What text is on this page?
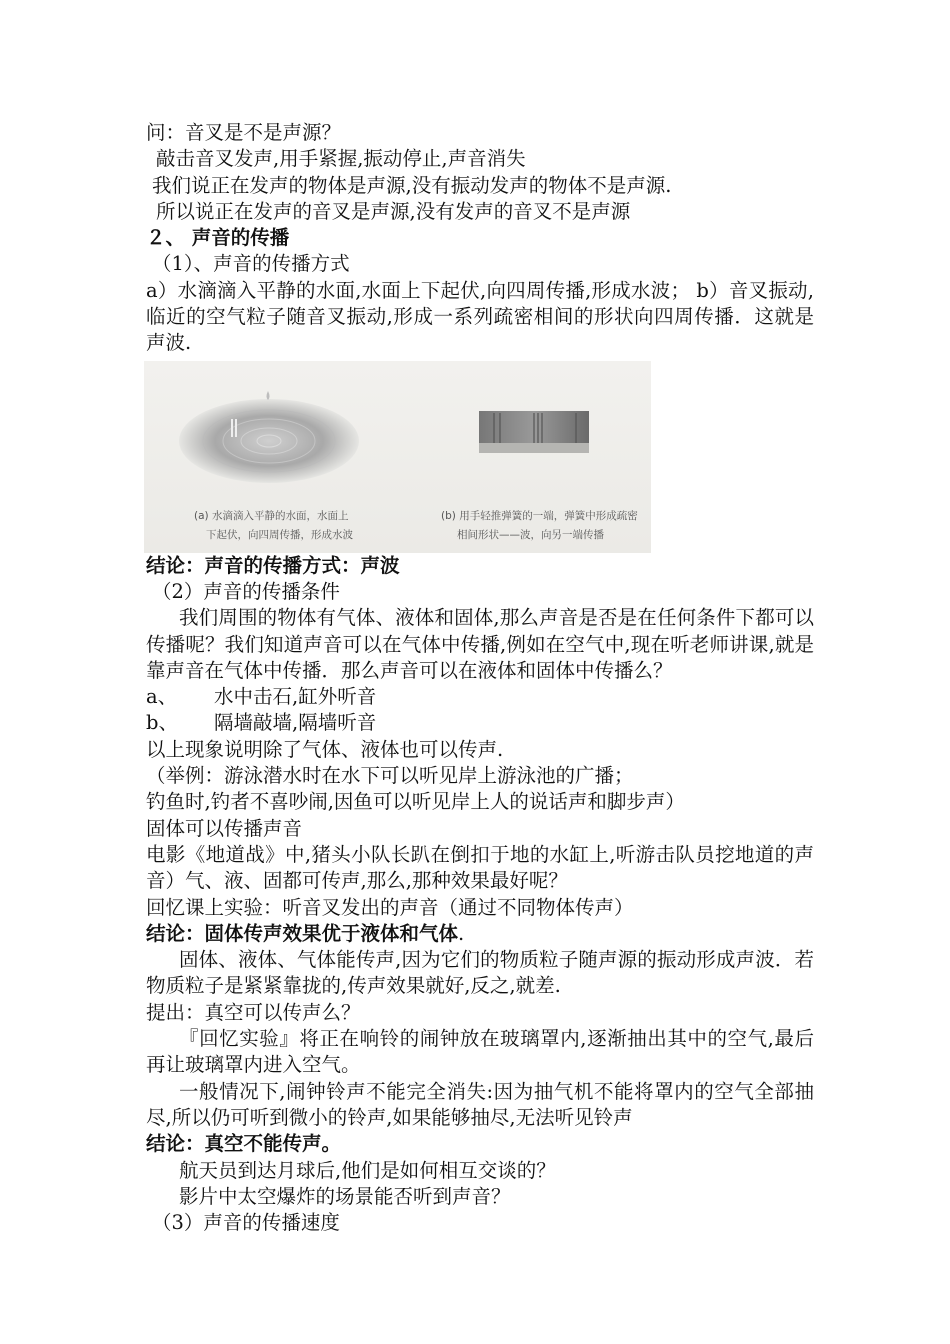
问：音叉是不是声源？
敲击音叉发声,用手紧握,振动停止,声音消失
我们说正在发声的物体是声源,没有振动发声的物体不是声源.
所以说正在发声的音叉是声源,没有发声的音叉不是声源
２、 声音的传播
（1）、声音的传播方式
a）水滴滴入平静的水面,水面上下起伏,向四周传播,形成水波； b）音叉振动,临近的空气粒子随音叉振动,形成一系列疏密相间的形状向四周传播．这就是声波.
(a) 水滴滴入平静的水面，水面上
下起伏，向四周传播，形成水波
(b) 用手轻推弹簧的一端，弹簧中形成疏密
相间形状——波，向另一端传播
结论：声音的传播方式：声波
（2）声音的传播条件
我们周围的物体有气体、液体和固体,那么声音是否是在任何条件下都可以传播呢？我们知道声音可以在气体中传播,例如在空气中,现在听老师讲课,就是靠声音在气体中传播．那么声音可以在液体和固体中传播么？
a、 水中击石,缸外听音
b、 隔墙敲墙,隔墙听音
以上现象说明除了气体、液体也可以传声.
（举例：游泳潜水时在水下可以听见岸上游泳池的广播；
钓鱼时,钓者不喜吵闹,因鱼可以听见岸上人的说话声和脚步声）
固体可以传播声音
电影《地道战》中,猪头小队长趴在倒扣于地的水缸上,听游击队员挖地道的声音）气、液、固都可传声,那么,那种效果最好呢？
回忆课上实验：听音叉发出的声音（通过不同物体传声）
结论：固体传声效果优于液体和气体.
固体、液体、气体能传声,因为它们的物质粒子随声源的振动形成声波．若物质粒子是紧紧靠拢的,传声效果就好,反之,就差.
提出：真空可以传声么？
『回忆实验』将正在响铃的闹钟放在玻璃罩内,逐渐抽出其中的空气,最后再让玻璃罩内进入空气。
一般情况下,闹钟铃声不能完全消失:因为抽气机不能将罩内的空气全部抽尽,所以仍可听到微小的铃声,如果能够抽尽,无法听见铃声
结论：真空不能传声。
航天员到达月球后,他们是如何相互交谈的？
影片中太空爆炸的场景能否听到声音？
（3）声音的传播速度
